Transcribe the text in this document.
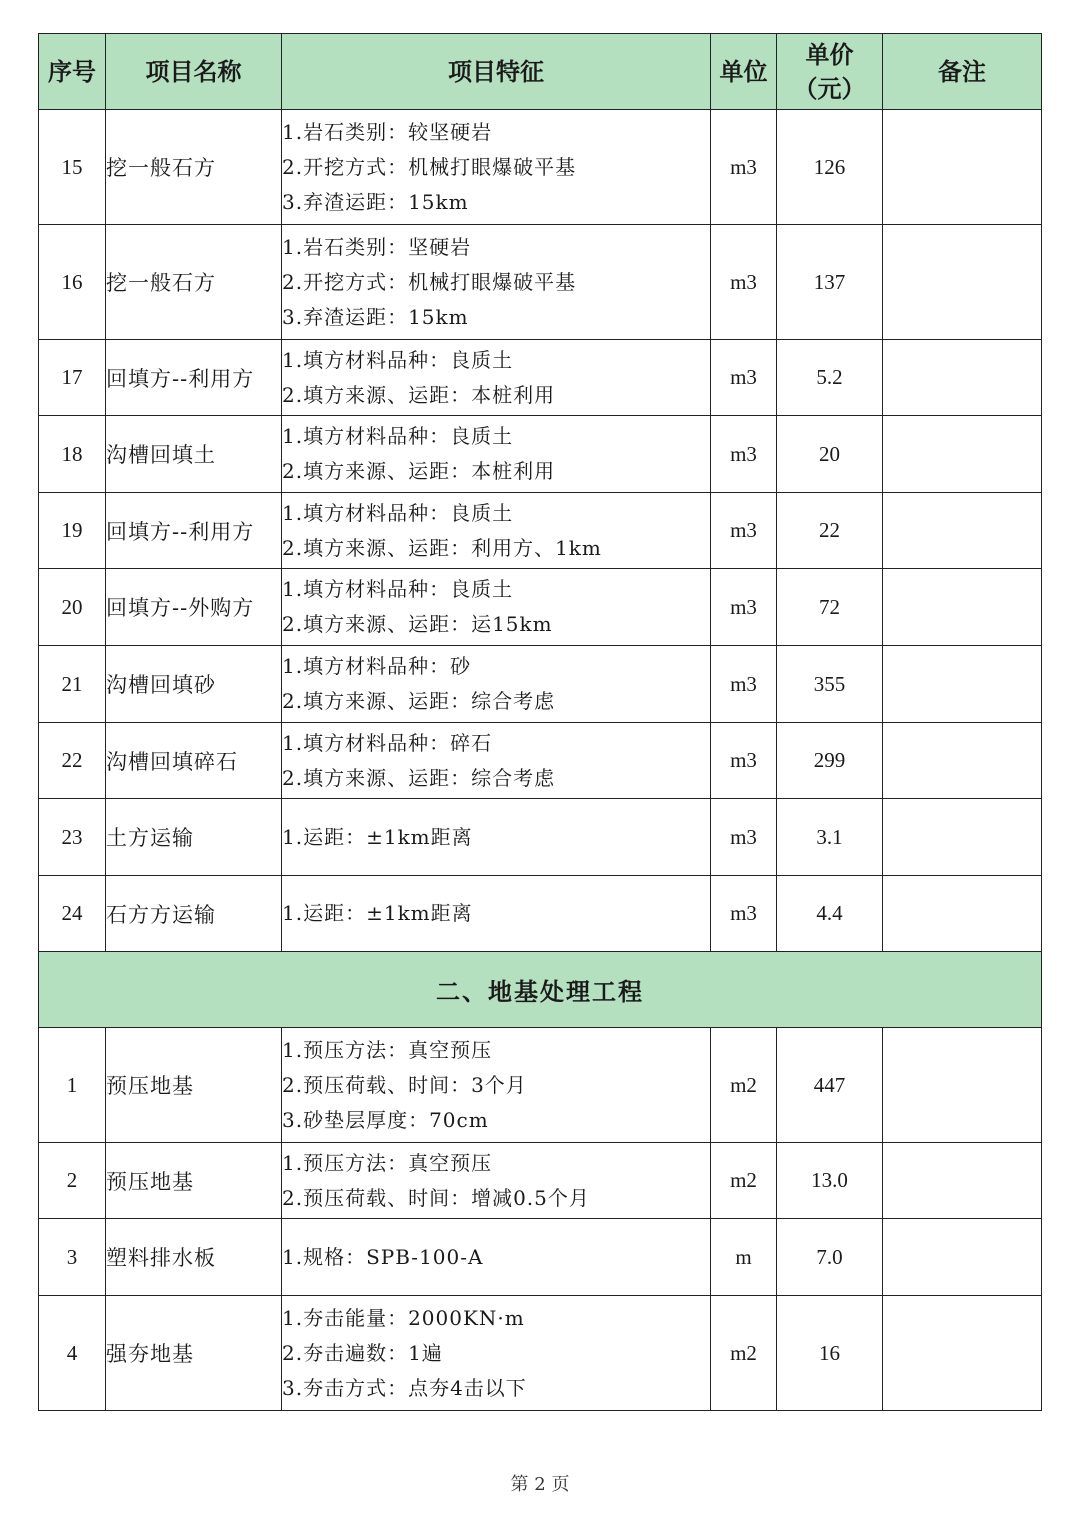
序号	项目名称	项目特征	单位	单价
（元）	备注
15	挖一般石方	1.岩石类别：较坚硬岩
2.开挖方式：机械打眼爆破平基
3.弃渣运距：15km	m3	126	
16	挖一般石方	1.岩石类别：坚硬岩
2.开挖方式：机械打眼爆破平基
3.弃渣运距：15km	m3	137	
17	回填方--利用方	1.填方材料品种：良质土
2.填方来源、运距：本桩利用	m3	5.2	
18	沟槽回填土	1.填方材料品种：良质土
2.填方来源、运距：本桩利用	m3	20	
19	回填方--利用方	1.填方材料品种：良质土
2.填方来源、运距：利用方、1km	m3	22	
20	回填方--外购方	1.填方材料品种：良质土
2.填方来源、运距：运15km	m3	72	
21	沟槽回填砂	1.填方材料品种：砂
2.填方来源、运距：综合考虑	m3	355	
22	沟槽回填碎石	1.填方材料品种：碎石
2.填方来源、运距：综合考虑	m3	299	
23	土方运输	1.运距：±1km距离	m3	3.1	
24	石方方运输	1.运距：±1km距离	m3	4.4	
二、地基处理工程					
1	预压地基	1.预压方法：真空预压
2.预压荷载、时间：3个月
3.砂垫层厚度：70cm	m2	447	
2	预压地基	1.预压方法：真空预压
2.预压荷载、时间：增减0.5个月	m2	13.0	
3	塑料排水板	1.规格：SPB-100-A	m	7.0	
4	强夯地基	1.夯击能量：2000KN·m
2.夯击遍数：1遍
3.夯击方式：点夯4击以下	m2	16	
第 2 页
